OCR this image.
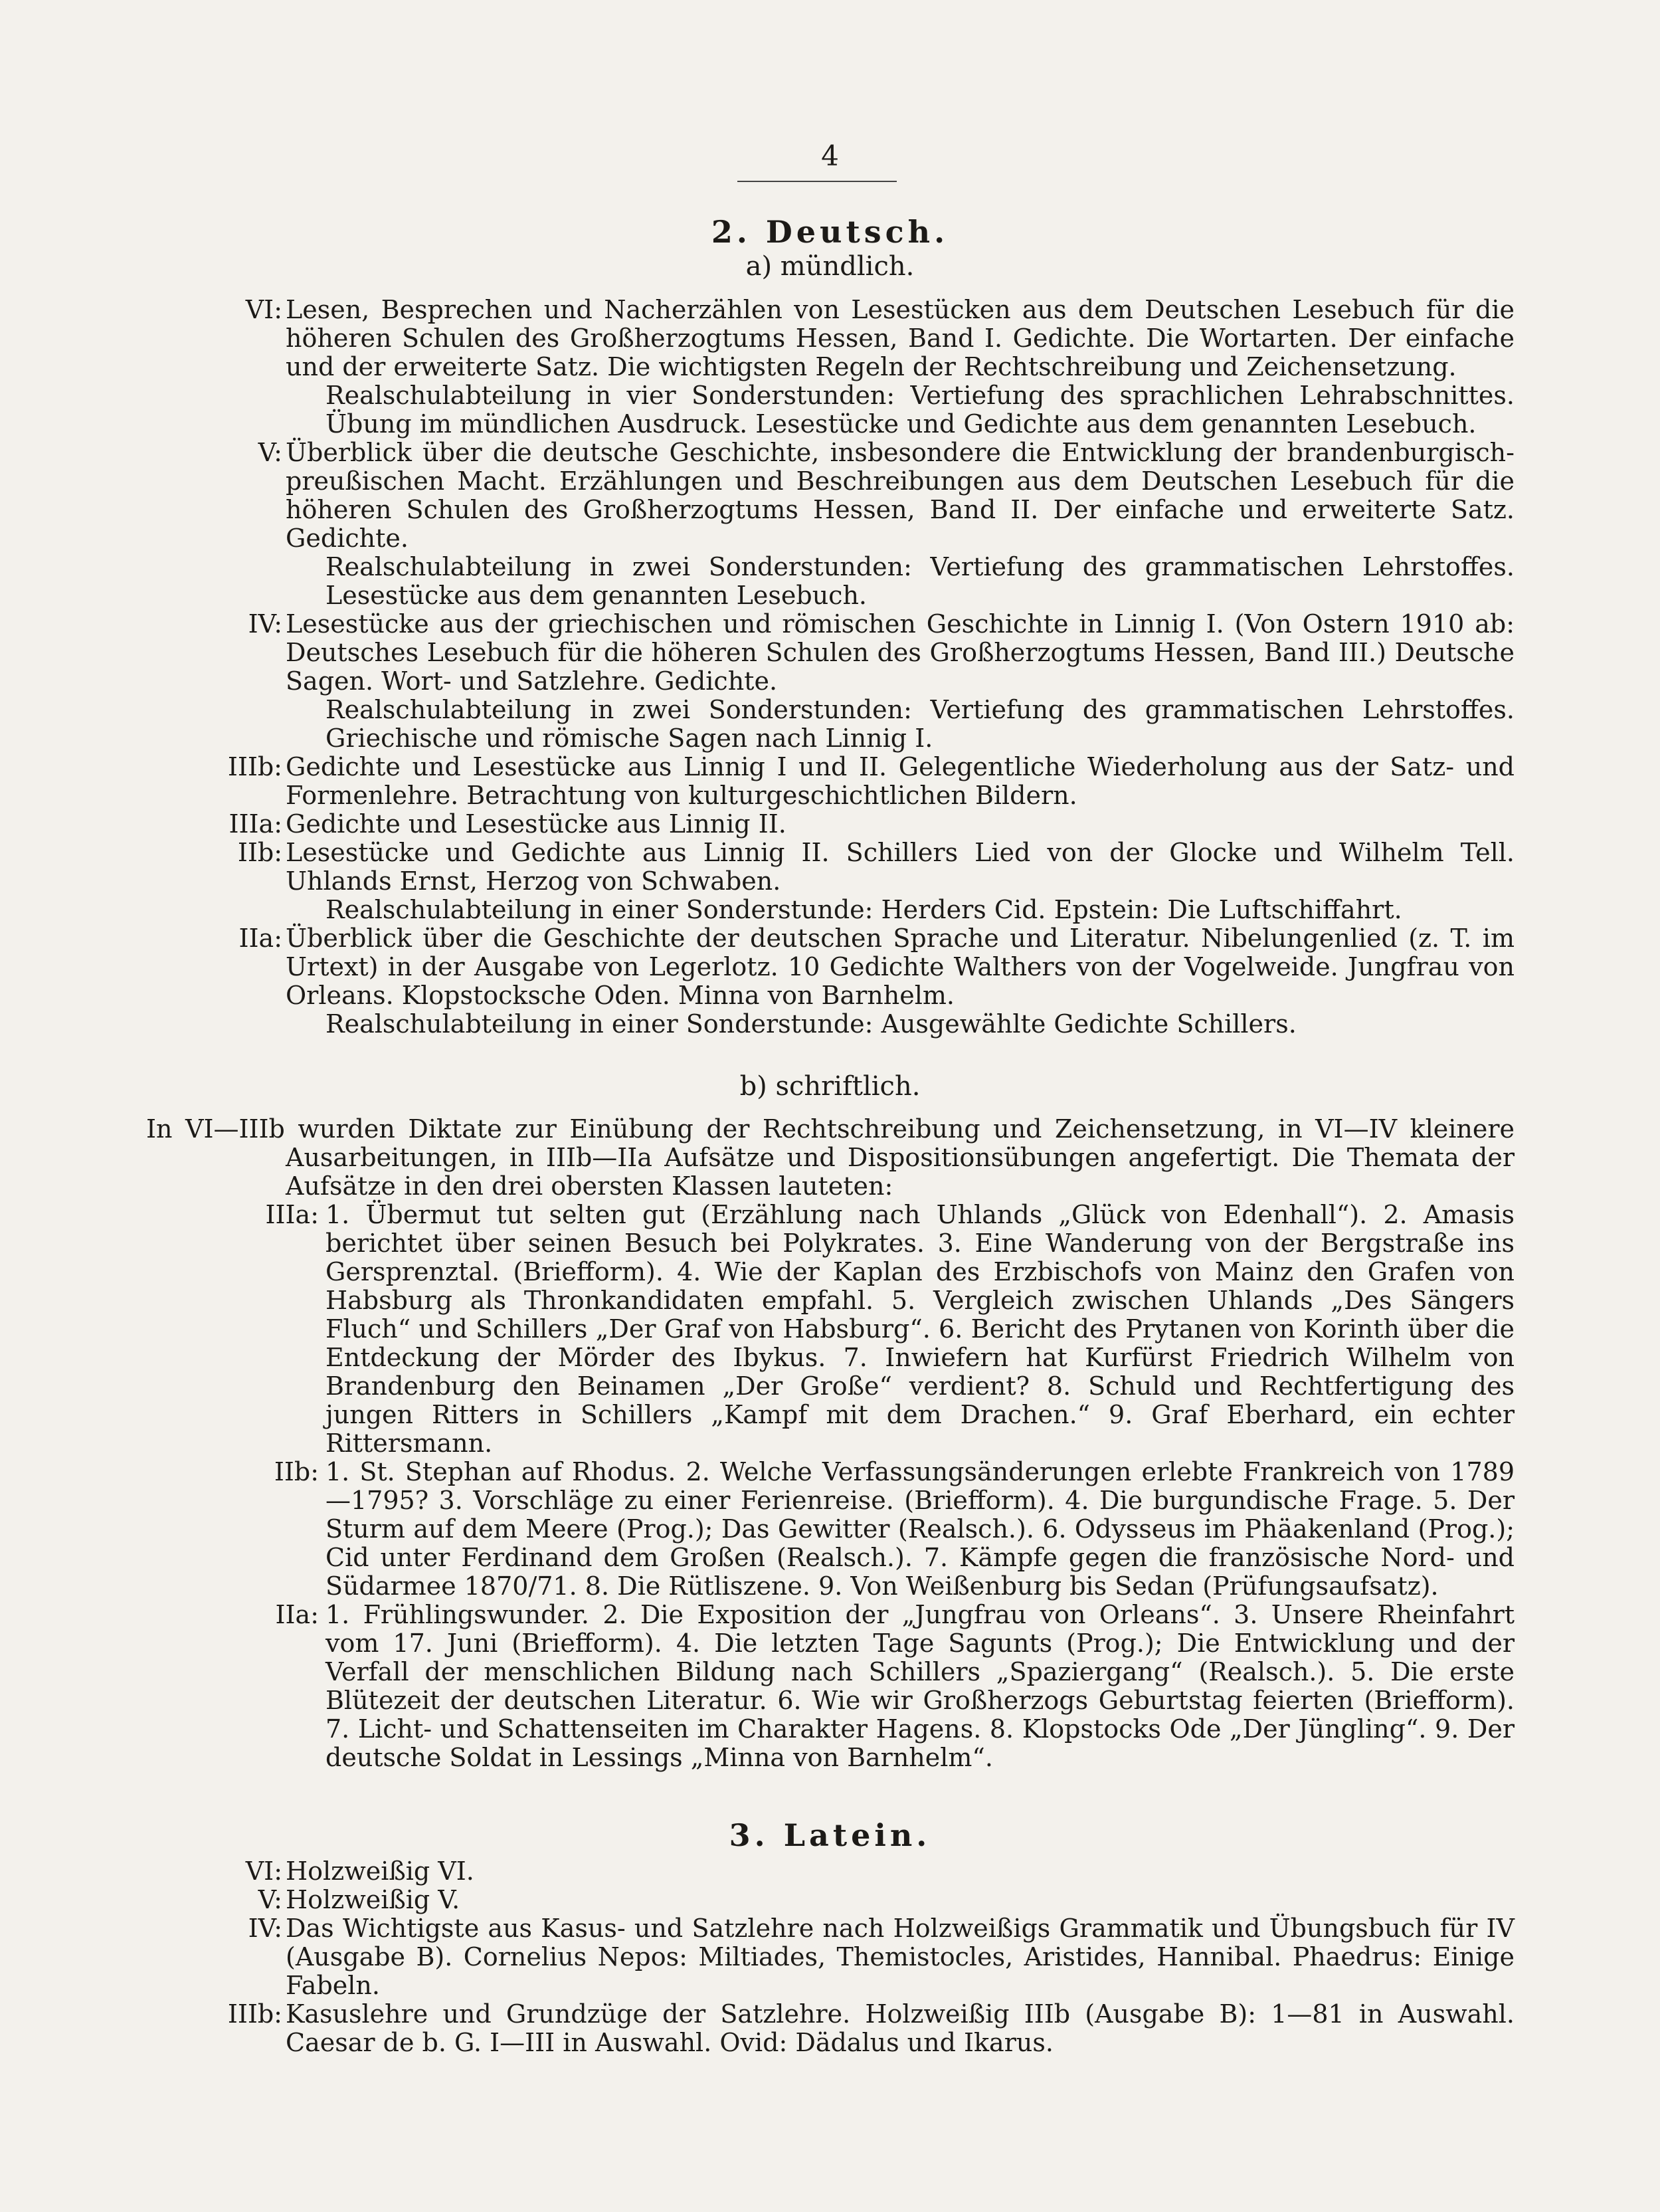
4
2. Deutsch.
a) mündlich.
VI: Lesen, Besprechen und Nacherzählen von Lesestücken aus dem Deutschen Lesebuch für die höheren Schulen des Großherzogtums Hessen, Band I. Gedichte. Die Wortarten. Der einfache und der erweiterte Satz. Die wichtigsten Regeln der Rechtschreibung und Zeichensetzung.
Realschulabteilung in vier Sonderstunden: Vertiefung des sprachlichen Lehrabschnittes. Übung im mündlichen Ausdruck. Lesestücke und Gedichte aus dem genannten Lesebuch.
V: Überblick über die deutsche Geschichte, insbesondere die Entwicklung der brandenburgisch-preußischen Macht. Erzählungen und Beschreibungen aus dem Deutschen Lesebuch für die höheren Schulen des Großherzogtums Hessen, Band II. Der einfache und erweiterte Satz. Gedichte.
Realschulabteilung in zwei Sonderstunden: Vertiefung des grammatischen Lehrstoffes. Lesestücke aus dem genannten Lesebuch.
IV: Lesestücke aus der griechischen und römischen Geschichte in Linnig I. (Von Ostern 1910 ab: Deutsches Lesebuch für die höheren Schulen des Großherzogtums Hessen, Band III.) Deutsche Sagen. Wort- und Satzlehre. Gedichte.
Realschulabteilung in zwei Sonderstunden: Vertiefung des grammatischen Lehrstoffes. Griechische und römische Sagen nach Linnig I.
IIIb: Gedichte und Lesestücke aus Linnig I und II. Gelegentliche Wiederholung aus der Satz- und Formenlehre. Betrachtung von kulturgeschichtlichen Bildern.
IIIa: Gedichte und Lesestücke aus Linnig II.
IIb: Lesestücke und Gedichte aus Linnig II. Schillers Lied von der Glocke und Wilhelm Tell. Uhlands Ernst, Herzog von Schwaben.
Realschulabteilung in einer Sonderstunde: Herders Cid. Epstein: Die Luftschiffahrt.
IIa: Überblick über die Geschichte der deutschen Sprache und Literatur. Nibelungenlied (z. T. im Urtext) in der Ausgabe von Legerlotz. 10 Gedichte Walthers von der Vogelweide. Jungfrau von Orleans. Klopstocksche Oden. Minna von Barnhelm.
Realschulabteilung in einer Sonderstunde: Ausgewählte Gedichte Schillers.
b) schriftlich.
In VI—IIIb wurden Diktate zur Einübung der Rechtschreibung und Zeichensetzung, in VI—IV kleinere Ausarbeitungen, in IIIb—IIa Aufsätze und Dispositionsübungen angefertigt. Die Themata der Aufsätze in den drei obersten Klassen lauteten:
IIIa: 1. Übermut tut selten gut (Erzählung nach Uhlands „Glück von Edenhall“). 2. Amasis berichtet über seinen Besuch bei Polykrates. 3. Eine Wanderung von der Bergstraße ins Gersprenztal. (Briefform). 4. Wie der Kaplan des Erzbischofs von Mainz den Grafen von Habsburg als Thronkandidaten empfahl. 5. Vergleich zwischen Uhlands „Des Sängers Fluch“ und Schillers „Der Graf von Habsburg“. 6. Bericht des Prytanen von Korinth über die Entdeckung der Mörder des Ibykus. 7. Inwiefern hat Kurfürst Friedrich Wilhelm von Brandenburg den Beinamen „Der Große“ verdient? 8. Schuld und Rechtfertigung des jungen Ritters in Schillers „Kampf mit dem Drachen.“ 9. Graf Eberhard, ein echter Rittersmann.
IIb: 1. St. Stephan auf Rhodus. 2. Welche Verfassungsänderungen erlebte Frankreich von 1789—1795? 3. Vorschläge zu einer Ferienreise. (Briefform). 4. Die burgundische Frage. 5. Der Sturm auf dem Meere (Prog.); Das Gewitter (Realsch.). 6. Odysseus im Phäakenland (Prog.); Cid unter Ferdinand dem Großen (Realsch.). 7. Kämpfe gegen die französische Nord- und Südarmee 1870/71. 8. Die Rütliszene. 9. Von Weißenburg bis Sedan (Prüfungsaufsatz).
IIa: 1. Frühlingswunder. 2. Die Exposition der „Jungfrau von Orleans“. 3. Unsere Rheinfahrt vom 17. Juni (Briefform). 4. Die letzten Tage Sagunts (Prog.); Die Entwicklung und der Verfall der menschlichen Bildung nach Schillers „Spaziergang“ (Realsch.). 5. Die erste Blütezeit der deutschen Literatur. 6. Wie wir Großherzogs Geburtstag feierten (Briefform). 7. Licht- und Schattenseiten im Charakter Hagens. 8. Klopstocks Ode „Der Jüngling“. 9. Der deutsche Soldat in Lessings „Minna von Barnhelm“.
3. Latein.
VI: Holzweißig VI.
V: Holzweißig V.
IV: Das Wichtigste aus Kasus- und Satzlehre nach Holzweißigs Grammatik und Übungsbuch für IV (Ausgabe B). Cornelius Nepos: Miltiades, Themistocles, Aristides, Hannibal. Phaedrus: Einige Fabeln.
IIIb: Kasuslehre und Grundzüge der Satzlehre. Holzweißig IIIb (Ausgabe B): 1—81 in Auswahl. Caesar de b. G. I—III in Auswahl. Ovid: Dädalus und Ikarus.
